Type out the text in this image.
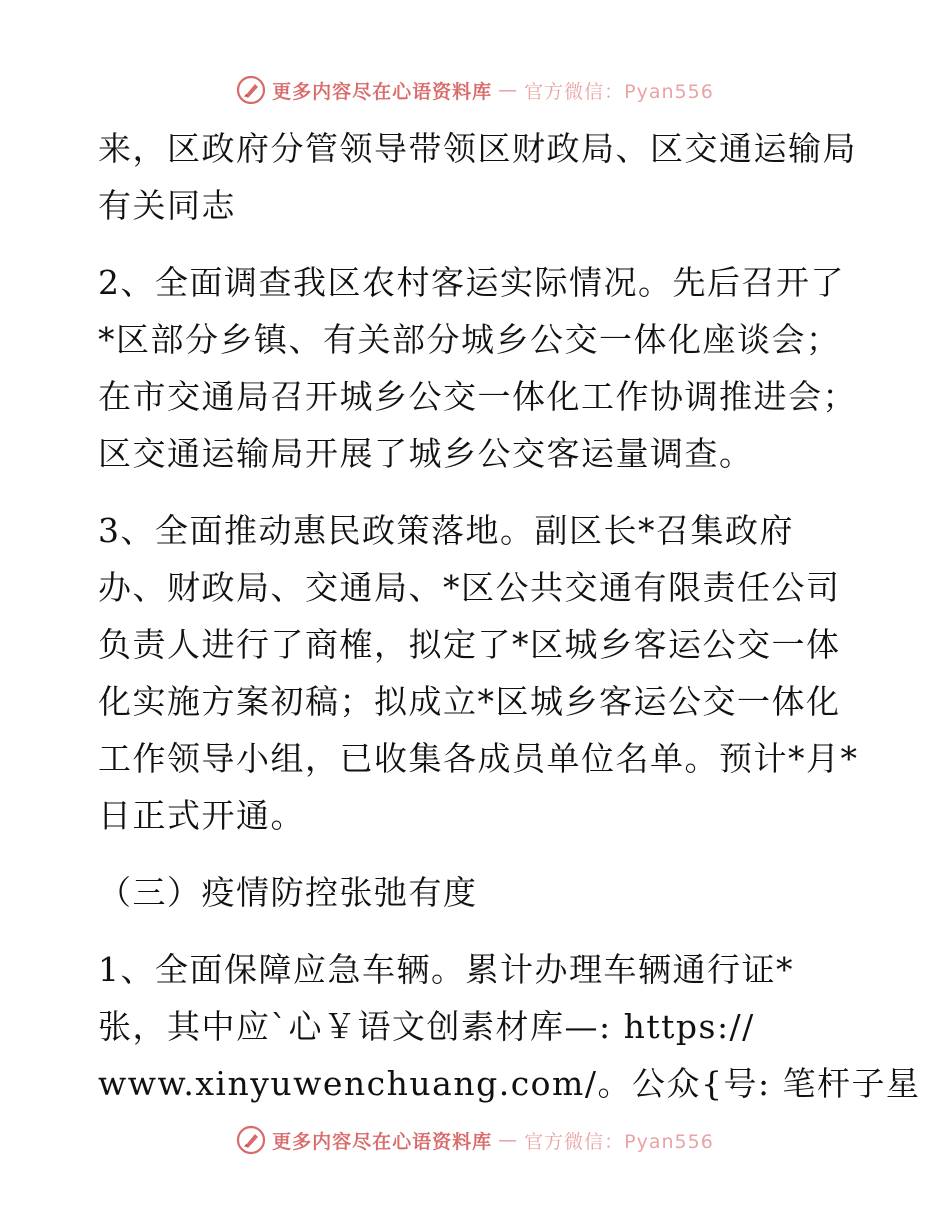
更多内容尽在心语资料库 — 官方微信：Pyan556
来，区政府分管领导带领区财政局、区交通运输局
有关同志
2、全面调查我区农村客运实际情况。先后召开了
*区部分乡镇、有关部分城乡公交一体化座谈会；
在市交通局召开城乡公交一体化工作协调推进会；
区交通运输局开展了城乡公交客运量调查。
3、全面推动惠民政策落地。副区长*召集政府
办、财政局、交通局、*区公共交通有限责任公司
负责人进行了商榷，拟定了*区城乡客运公交一体
化实施方案初稿；拟成立*区城乡客运公交一体化
工作领导小组，已收集各成员单位名单。预计*月*
日正式开通。
（三）疫情防控张弛有度
1、全面保障应急车辆。累计办理车辆通行证*
张，其中应`心￥语文创素材库—: https://
www.xinyuwenchuang.com/。公众{号: 笔杆子星
更多内容尽在心语资料库 — 官方微信：Pyan556
